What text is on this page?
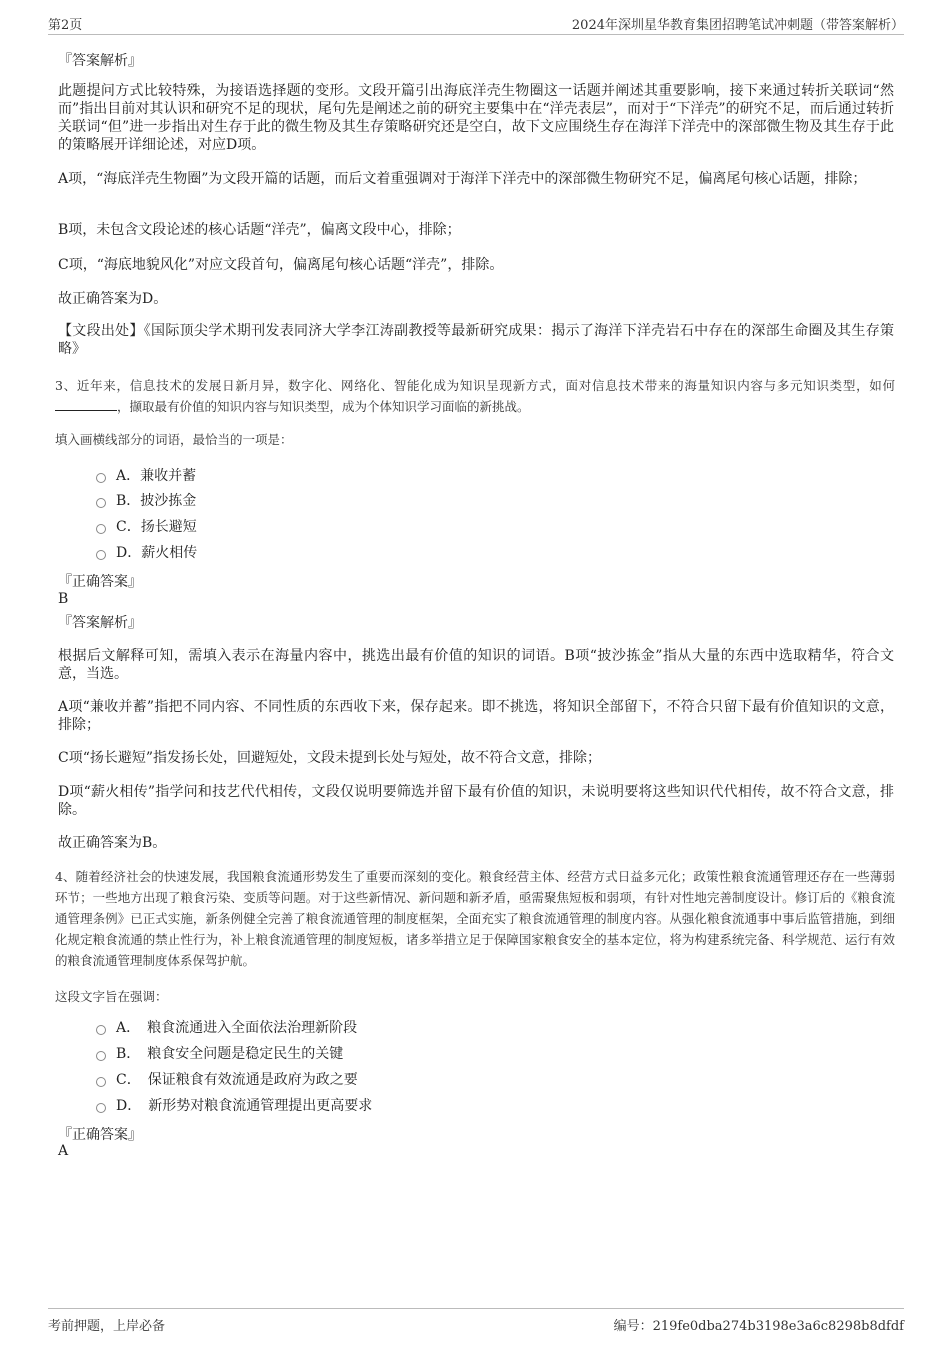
第2页	2024年深圳星华教育集团招聘笔试冲刺题（带答案解析）
『答案解析』
此题提问方式比较特殊，为接语选择题的变形。文段开篇引出海底洋壳生物圈这一话题并阐述其重要影响，接下来通过转折关联词“然而”指出目前对其认识和研究不足的现状，尾句先是阐述之前的研究主要集中在“洋壳表层”，而对于“下洋壳”的研究不足，而后通过转折关联词“但”进一步指出对生存于此的微生物及其生存策略研究还是空白，故下文应围绕生存在海洋下洋壳中的深部微生物及其生存于此的策略展开详细论述，对应D项。
A项，“海底洋壳生物圈”为文段开篇的话题，而后文着重强调对于海洋下洋壳中的深部微生物研究不足，偏离尾句核心话题，排除；
B项，未包含文段论述的核心话题“洋壳”，偏离文段中心，排除；
C项，“海底地貌风化”对应文段首句，偏离尾句核心话题“洋壳”，排除。
故正确答案为D。
【文段出处】《国际顶尖学术期刊发表同济大学李江涛副教授等最新研究成果：揭示了海洋下洋壳岩石中存在的深部生命圈及其生存策略》
3、近年来，信息技术的发展日新月异，数字化、网络化、智能化成为知识呈现新方式，面对信息技术带来的海量知识内容与多元知识类型，如何，撷取最有价值的知识内容与知识类型，成为个体知识学习面临的新挑战。
填入画横线部分的词语，最恰当的一项是：
A．兼收并蓄
B．披沙拣金
C．扬长避短
D．薪火相传
『正确答案』
B
『答案解析』
根据后文解释可知，需填入表示在海量内容中，挑选出最有价值的知识的词语。B项“披沙拣金”指从大量的东西中选取精华，符合文意，当选。
A项“兼收并蓄”指把不同内容、不同性质的东西收下来，保存起来。即不挑选，将知识全部留下，不符合只留下最有价值知识的文意，排除；
C项“扬长避短”指发扬长处，回避短处，文段未提到长处与短处，故不符合文意，排除；
D项“薪火相传”指学问和技艺代代相传，文段仅说明要筛选并留下最有价值的知识，未说明要将这些知识代代相传，故不符合文意，排除。
故正确答案为B。
4、随着经济社会的快速发展，我国粮食流通形势发生了重要而深刻的变化。粮食经营主体、经营方式日益多元化；政策性粮食流通管理还存在一些薄弱环节；一些地方出现了粮食污染、变质等问题。对于这些新情况、新问题和新矛盾，亟需聚焦短板和弱项，有针对性地完善制度设计。修订后的《粮食流通管理条例》已正式实施，新条例健全完善了粮食流通管理的制度框架，全面充实了粮食流通管理的制度内容。从强化粮食流通事中事后监管措施，到细化规定粮食流通的禁止性行为，补上粮食流通管理的制度短板，诸多举措立足于保障国家粮食安全的基本定位，将为构建系统完备、科学规范、运行有效的粮食流通管理制度体系保驾护航。
这段文字旨在强调：
A．　粮食流通进入全面依法治理新阶段
B．　粮食安全问题是稳定民生的关键
C．　保证粮食有效流通是政府为政之要
D．　新形势对粮食流通管理提出更高要求
『正确答案』
A
考前押题，上岸必备	编号：219fe0dba274b3198e3a6c8298b8dfdf
